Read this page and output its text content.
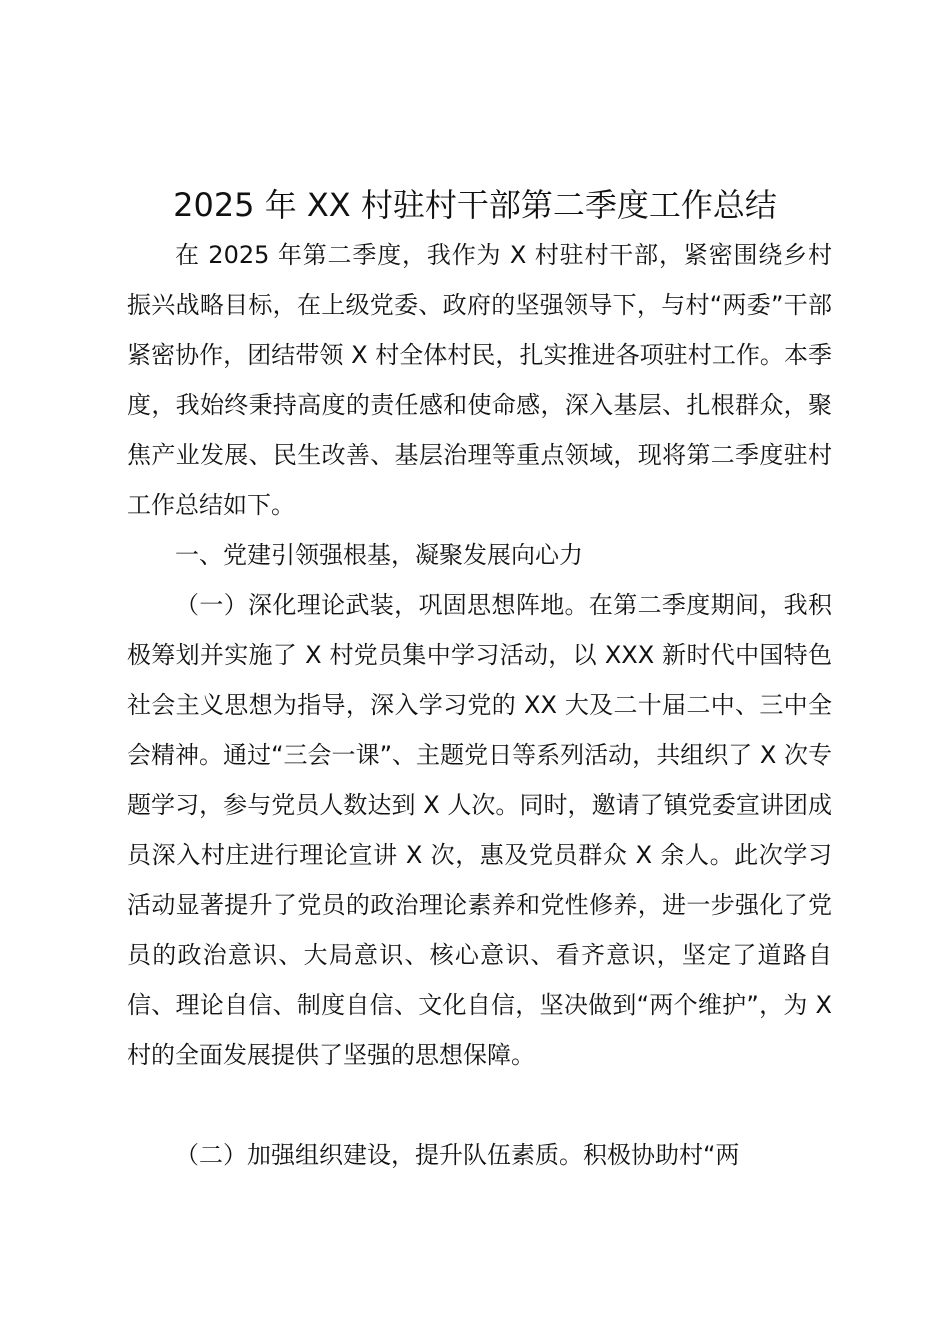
2025 年 XX 村驻村干部第二季度工作总结

在 2025 年第二季度，我作为 X 村驻村干部，紧密围绕乡村振兴战略目标，在上级党委、政府的坚强领导下，与村“两委”干部紧密协作，团结带领 X 村全体村民，扎实推进各项驻村工作。本季度，我始终秉持高度的责任感和使命感，深入基层、扎根群众，聚焦产业发展、民生改善、基层治理等重点领域，现将第二季度驻村工作总结如下。

一、党建引领强根基，凝聚发展向心力

（一）深化理论武装，巩固思想阵地。在第二季度期间，我积极筹划并实施了 X 村党员集中学习活动，以 XXX 新时代中国特色社会主义思想为指导，深入学习党的 XX 大及二十届二中、三中全会精神。通过“三会一课”、主题党日等系列活动，共组织了 X 次专题学习，参与党员人数达到 X 人次。同时，邀请了镇党委宣讲团成员深入村庄进行理论宣讲 X 次，惠及党员群众 X 余人。此次学习活动显著提升了党员的政治理论素养和党性修养，进一步强化了党员的政治意识、大局意识、核心意识、看齐意识，坚定了道路自信、理论自信、制度自信、文化自信，坚决做到“两个维护”，为 X 村的全面发展提供了坚强的思想保障。

（二）加强组织建设，提升队伍素质。积极协助村“两
